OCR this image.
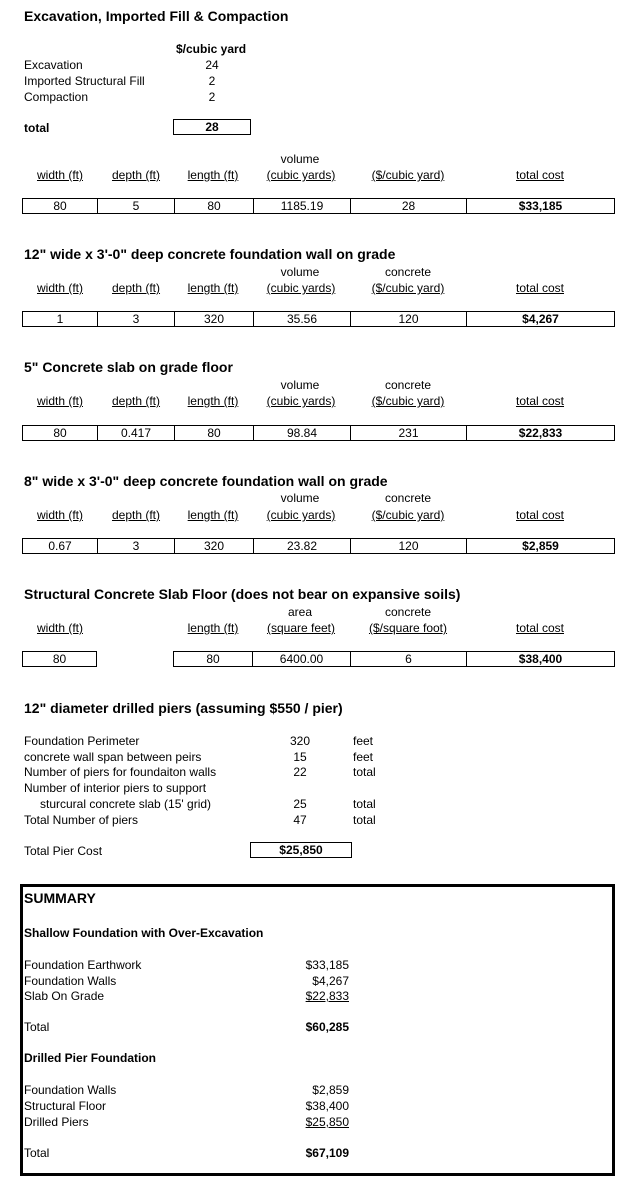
Excavation, Imported Fill & Compaction
$/cubic yard
Excavation	24
Imported Structural Fill	2
Compaction	2
total	28
volume
width (ft)	depth (ft)	length (ft)	(cubic yards)	($/cubic yard)	total cost
80	5	80	1185.19	28	$33,185
12" wide x 3'-0" deep concrete foundation wall on grade
volume	concrete
width (ft)	depth (ft)	length (ft)	(cubic yards)	($/cubic yard)	total cost
1	3	320	35.56	120	$4,267
5" Concrete slab on grade floor
volume	concrete
width (ft)	depth (ft)	length (ft)	(cubic yards)	($/cubic yard)	total cost
80	0.417	80	98.84	231	$22,833
8" wide x 3'-0" deep concrete foundation wall on grade
volume	concrete
width (ft)	depth (ft)	length (ft)	(cubic yards)	($/cubic yard)	total cost
0.67	3	320	23.82	120	$2,859
Structural Concrete Slab Floor (does not bear on expansive soils)
area	concrete
width (ft)	length (ft)	(square feet)	($/square foot)	total cost
80	80	6400.00	6	$38,400
12" diameter drilled piers (assuming $550 / pier)
Foundation Perimeter	320	feet
concrete wall span between peirs	15	feet
Number of piers for foundaiton walls	22	total
Number of interior piers to support
sturcural concrete slab (15' grid)	25	total
Total Number of piers	47	total
Total Pier Cost	$25,850
SUMMARY
Shallow Foundation with Over-Excavation
Foundation Earthwork	$33,185
Foundation Walls	$4,267
Slab On Grade	$22,833
Total	$60,285
Drilled Pier Foundation
Foundation Walls	$2,859
Structural Floor	$38,400
Drilled Piers	$25,850
Total	$67,109
